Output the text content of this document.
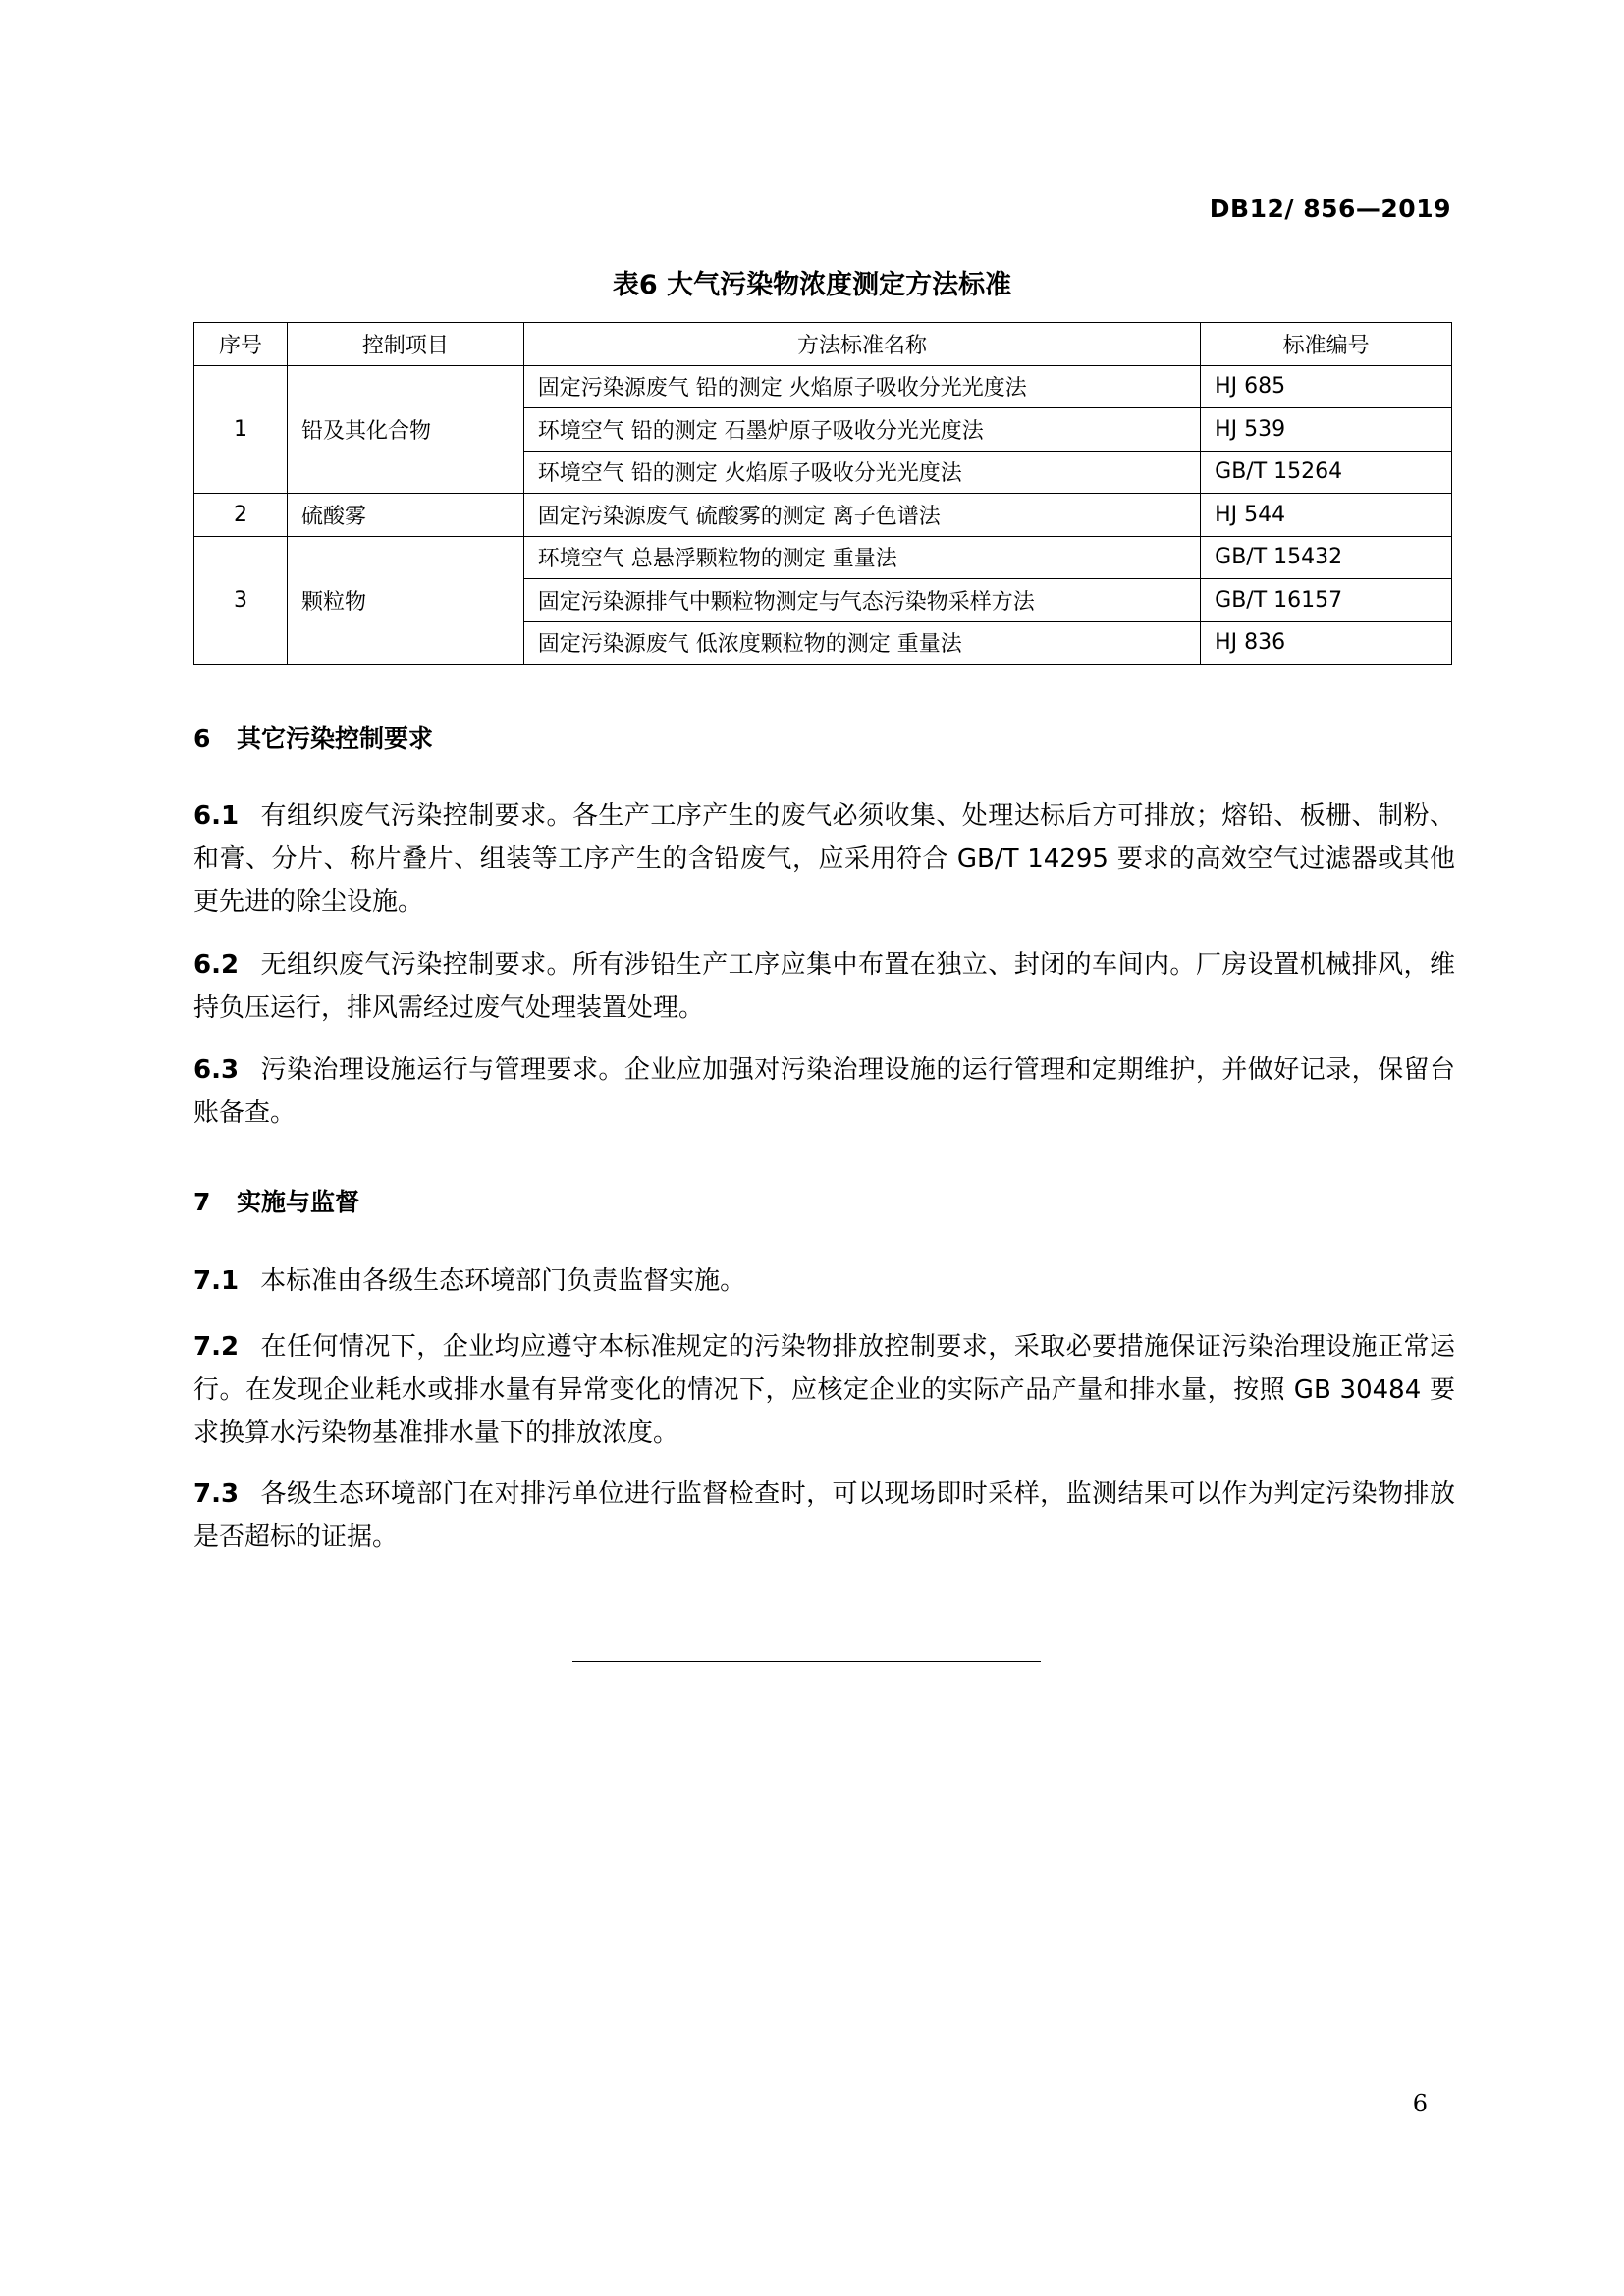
DB12/ 856—2019
表6 大气污染物浓度测定方法标准
序号	控制项目	方法标准名称	标准编号
1	铅及其化合物	固定污染源废气 铅的测定 火焰原子吸收分光光度法	HJ 685
		环境空气 铅的测定 石墨炉原子吸收分光光度法	HJ 539
		环境空气 铅的测定 火焰原子吸收分光光度法	GB/T 15264
2	硫酸雾	固定污染源废气 硫酸雾的测定 离子色谱法	HJ 544
3	颗粒物	环境空气 总悬浮颗粒物的测定 重量法	GB/T 15432
		固定污染源排气中颗粒物测定与气态污染物采样方法	GB/T 16157
		固定污染源废气 低浓度颗粒物的测定 重量法	HJ 836
6 其它污染控制要求
6.1 有组织废气污染控制要求。各生产工序产生的废气必须收集、处理达标后方可排放；熔铅、板栅、制粉、和膏、分片、称片叠片、组装等工序产生的含铅废气，应采用符合 GB/T 14295 要求的高效空气过滤器或其他更先进的除尘设施。
6.2 无组织废气污染控制要求。所有涉铅生产工序应集中布置在独立、封闭的车间内。厂房设置机械排风，维持负压运行，排风需经过废气处理装置处理。
6.3 污染治理设施运行与管理要求。企业应加强对污染治理设施的运行管理和定期维护，并做好记录，保留台账备查。
7 实施与监督
7.1 本标准由各级生态环境部门负责监督实施。
7.2 在任何情况下，企业均应遵守本标准规定的污染物排放控制要求，采取必要措施保证污染治理设施正常运行。在发现企业耗水或排水量有异常变化的情况下，应核定企业的实际产品产量和排水量，按照 GB 30484 要求换算水污染物基准排水量下的排放浓度。
7.3 各级生态环境部门在对排污单位进行监督检查时，可以现场即时采样，监测结果可以作为判定污染物排放是否超标的证据。
6
